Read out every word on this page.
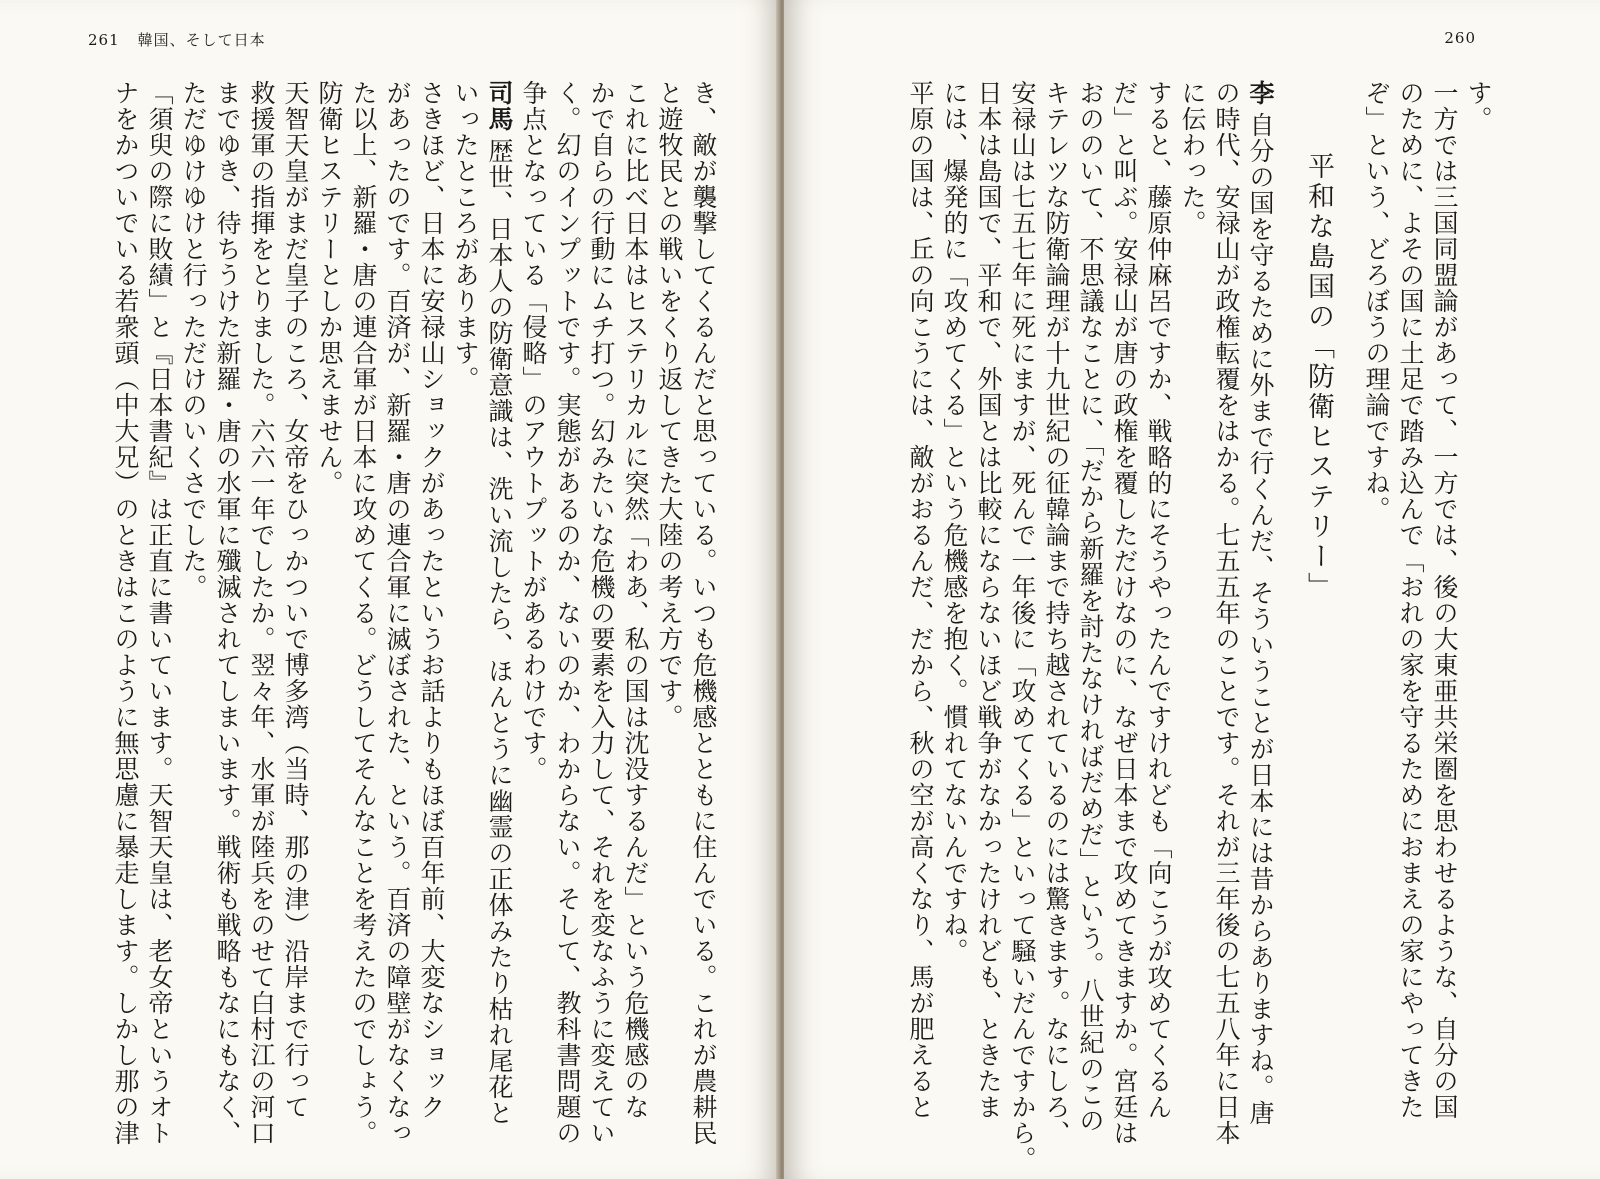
261 韓国、そして日本
き、敵が襲撃してくるんだと思っている。いつも危機感とともに住んでいる。これが農耕民
と遊牧民との戦いをくり返してきた大陸の考え方です。
これに比べ日本はヒステリカルに突然「わあ、私の国は沈没するんだ」という危機感のな
かで自らの行動にムチ打つ。幻みたいな危機の要素を入力して、それを変なふうに変えてい
く。幻のインプットです。実態があるのか、ないのか、わからない。そして、教科書問題の
争点となっている「侵略」のアウトプットがあるわけです。
司馬歴世、日本人の防衛意識は、洗い流したら、ほんとうに幽霊の正体みたり枯れ尾花と
いったところがあります。
さきほど、日本に安禄山ショックがあったというお話よりもほぼ百年前、大変なショック
があったのです。百済が、新羅・唐の連合軍に滅ぼされた、という。百済の障壁がなくなっ
た以上、新羅・唐の連合軍が日本に攻めてくる。どうしてそんなことを考えたのでしょう。
防衛ヒステリーとしか思えません。
天智天皇がまだ皇子のころ、女帝をひっかついで博多湾（当時、那の津）沿岸まで行って
救援軍の指揮をとりました。六六一年でしたか。翌々年、水軍が陸兵をのせて白村江の河口
までゆき、待ちうけた新羅・唐の水軍に殲滅されてしまいます。戦術も戦略もなにもなく、
ただゆけゆけと行っただけのいくさでした。
「須臾の際に敗績」と『日本書紀』は正直に書いています。天智天皇は、老女帝というオト
ナをかついでいる若衆頭（中大兄）のときはこのように無思慮に暴走します。しかし那の津
260
す。
一方では三国同盟論があって、一方では、後の大東亜共栄圏を思わせるような、自分の国
のために、よその国に土足で踏み込んで「おれの家を守るためにおまえの家にやってきた
ぞ」という、どろぼうの理論ですね。
平和な島国の「防衛ヒステリー」
李自分の国を守るために外まで行くんだ、そういうことが日本には昔からありますね。唐
の時代、安禄山が政権転覆をはかる。七五五年のことです。それが三年後の七五八年に日本
に伝わった。
すると、藤原仲麻呂ですか、戦略的にそうやったんですけれども「向こうが攻めてくるん
だ」と叫ぶ。安禄山が唐の政権を覆しただけなのに、なぜ日本まで攻めてきますか。宮廷は
おののいて、不思議なことに、「だから新羅を討たなければだめだ」という。八世紀のこの
キテレツな防衛論理が十九世紀の征韓論まで持ち越されているのには驚きます。なにしろ、
安禄山は七五七年に死にますが、死んで一年後に「攻めてくる」といって騒いだんですから。
日本は島国で、平和で、外国とは比較にならないほど戦争がなかったけれども、ときたま
には、爆発的に「攻めてくる」という危機感を抱く。慣れてないんですね。
平原の国は、丘の向こうには、敵がおるんだ、だから、秋の空が高くなり、馬が肥えると
